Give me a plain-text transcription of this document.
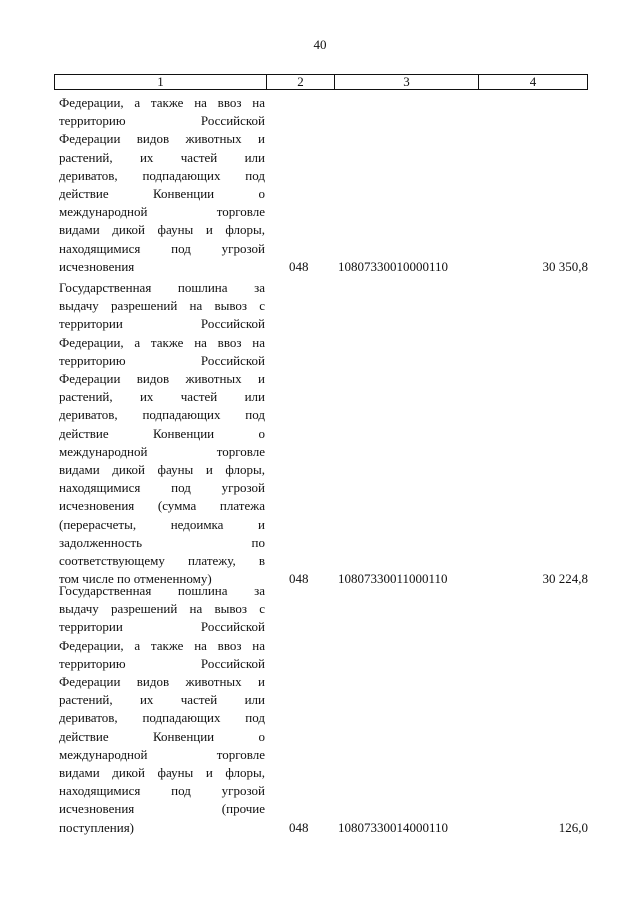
40
1	2	3	4
Федерации, а также на ввоз на
территорию Российской
Федерации видов животных и
растений, их частей или
дериватов, подпадающих под
действие Конвенции о
международной торговле
видами дикой фауны и флоры,
находящимися под угрозой
исчезновения	048 10807330010000110	30 350,8
Государственная пошлина за
выдачу разрешений на вывоз с
территории Российской
Федерации, а также на ввоз на
территорию Российской
Федерации видов животных и
растений, их частей или
дериватов, подпадающих под
действие Конвенции о
международной торговле
видами дикой фауны и флоры,
находящимися под угрозой
исчезновения (сумма платежа
(перерасчеты, недоимка и
задолженность по
соответствующему платежу, в
том числе по отмененному)	048 10807330011000110	30 224,8
Государственная пошлина за
выдачу разрешений на вывоз с
территории Российской
Федерации, а также на ввоз на
территорию Российской
Федерации видов животных и
растений, их частей или
дериватов, подпадающих под
действие Конвенции о
международной торговле
видами дикой фауны и флоры,
находящимися под угрозой
исчезновения (прочие
поступления)	048 10807330014000110	126,0
